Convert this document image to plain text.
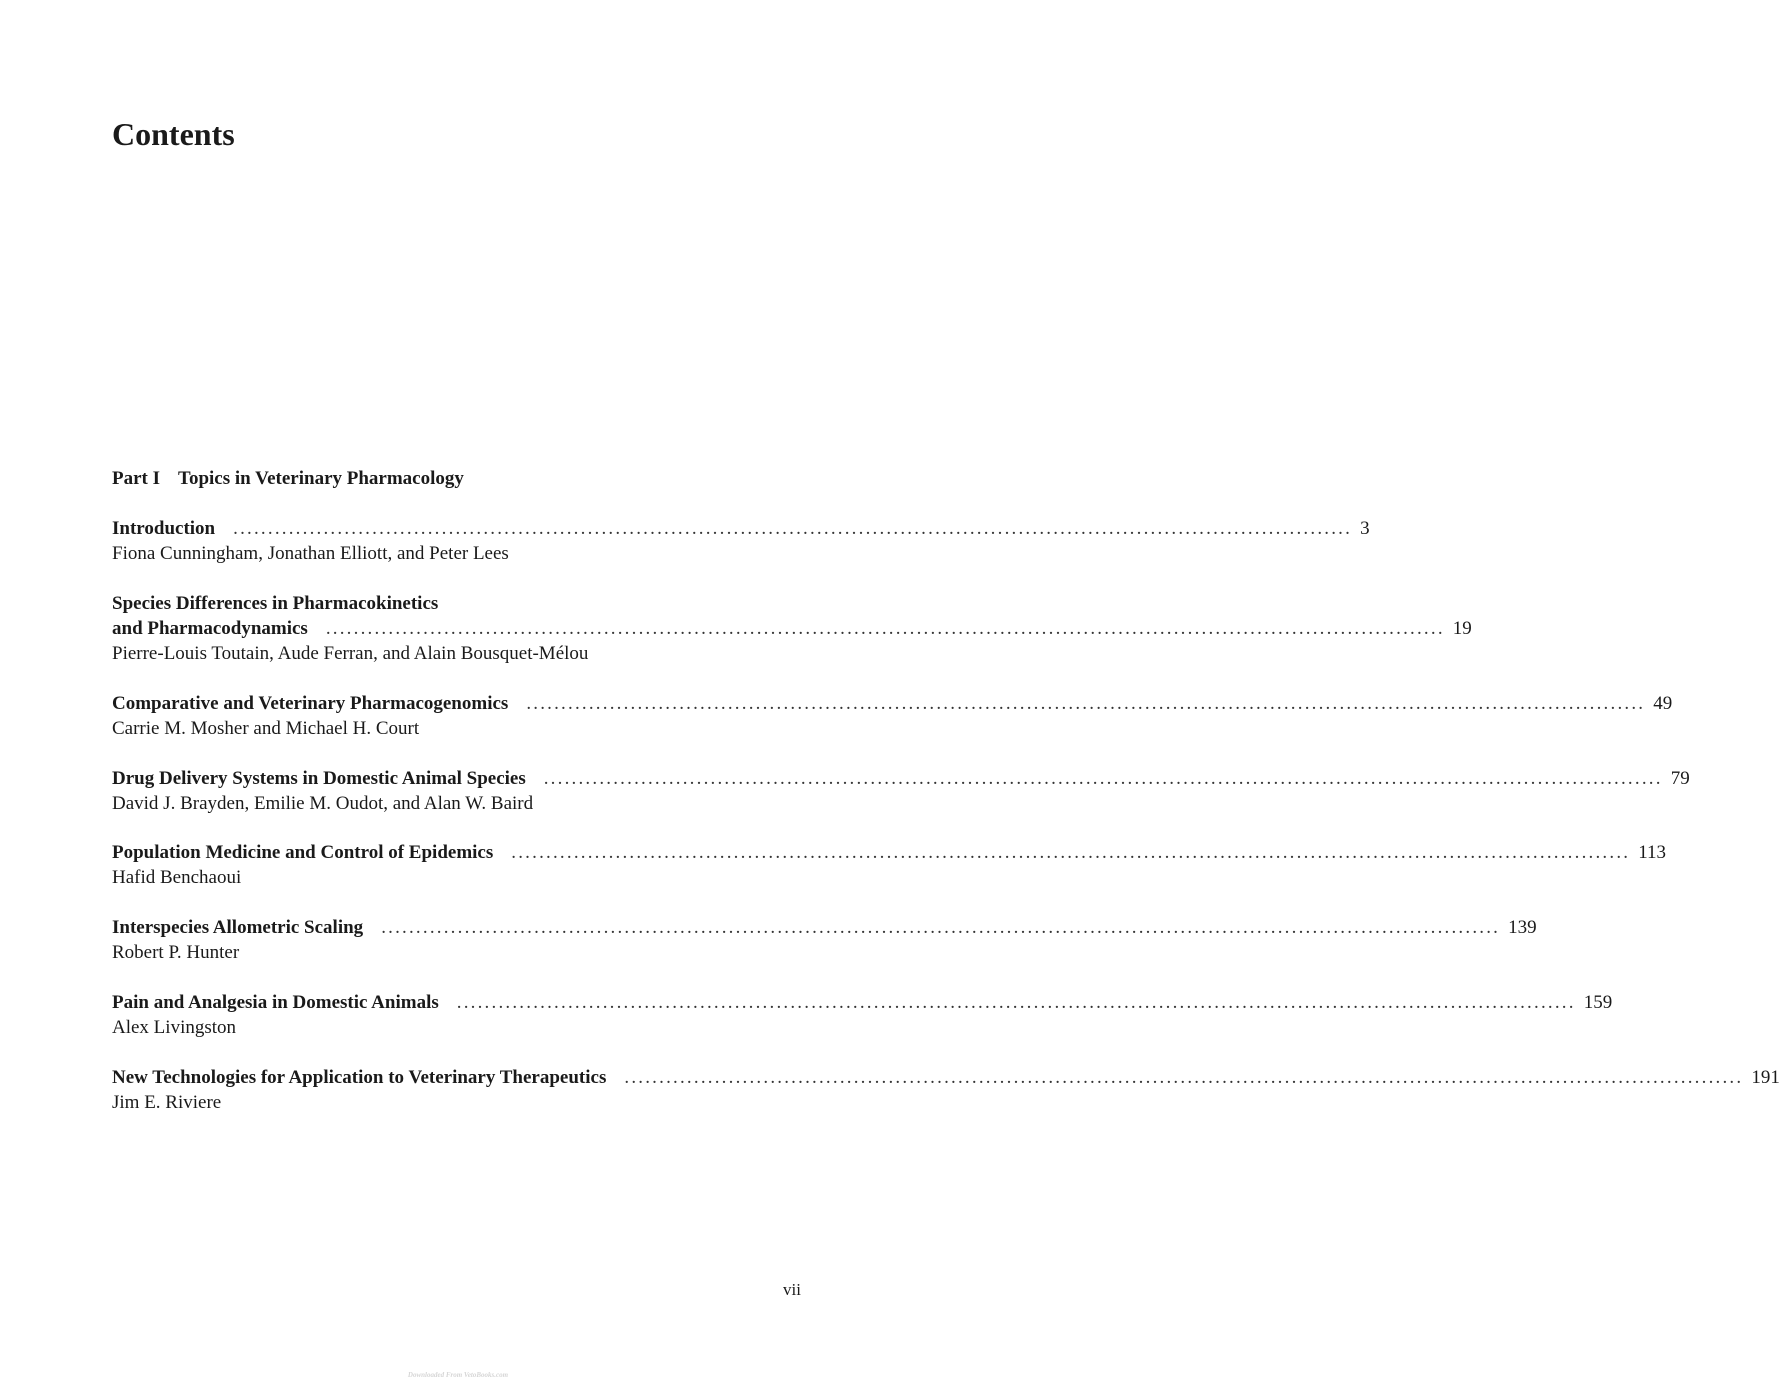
Contents
Part I Topics in Veterinary Pharmacology
Introduction ................................................................................................................................................................. 3
Fiona Cunningham, Jonathan Elliott, and Peter Lees
Species Differences in Pharmacokinetics
and Pharmacodynamics ................................................................................................................................................................. 19
Pierre-Louis Toutain, Aude Ferran, and Alain Bousquet-Mélou
Comparative and Veterinary Pharmacogenomics ................................................................................................................................................................. 49
Carrie M. Mosher and Michael H. Court
Drug Delivery Systems in Domestic Animal Species ................................................................................................................................................................. 79
David J. Brayden, Emilie M. Oudot, and Alan W. Baird
Population Medicine and Control of Epidemics ................................................................................................................................................................. 113
Hafid Benchaoui
Interspecies Allometric Scaling ................................................................................................................................................................. 139
Robert P. Hunter
Pain and Analgesia in Domestic Animals ................................................................................................................................................................. 159
Alex Livingston
New Technologies for Application to Veterinary Therapeutics ................................................................................................................................................................. 191
Jim E. Riviere
vii
Downloaded From VetoBooks.com
